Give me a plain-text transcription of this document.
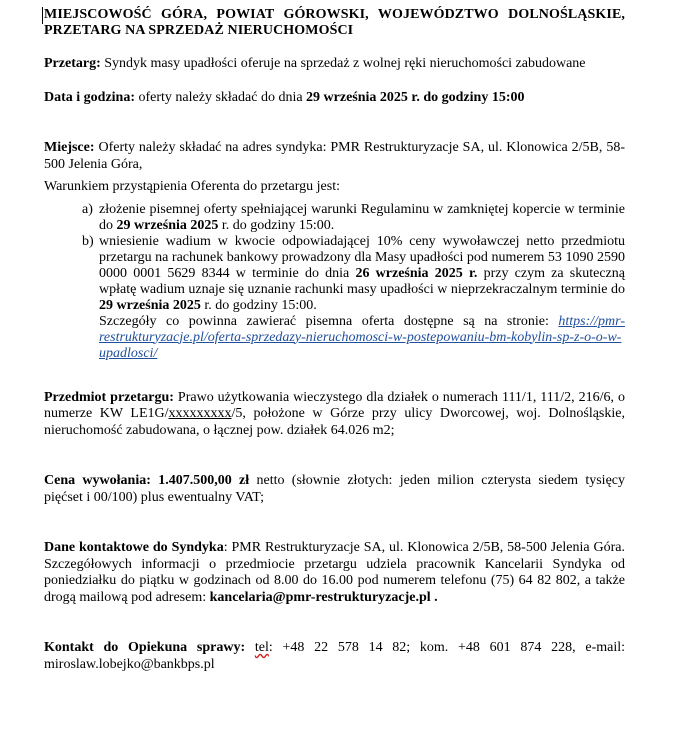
MIEJSCOWOŚĆ GÓRA, POWIAT GÓROWSKI, WOJEWÓDZTWO DOLNOŚLĄSKIE, PRZETARG NA SPRZEDAŻ NIERUCHOMOŚCI

Przetarg: Syndyk masy upadłości oferuje na sprzedaż z wolnej ręki nieruchomości zabudowane

Data i godzina: oferty należy składać do dnia 29 września 2025 r. do godziny 15:00

Miejsce: Oferty należy składać na adres syndyka: PMR Restrukturyzacje SA, ul. Klonowica 2/5B, 58-500 Jelenia Góra,

Warunkiem przystąpienia Oferenta do przetargu jest:

a) złożenie pisemnej oferty spełniającej warunki Regulaminu w zamkniętej kopercie w terminie do 29 września 2025 r. do godziny 15:00.
b) wniesienie wadium w kwocie odpowiadającej 10% ceny wywoławczej netto przedmiotu przetargu na rachunek bankowy prowadzony dla Masy upadłości pod numerem 53 1090 2590 0000 0001 5629 8344 w terminie do dnia 26 września 2025 r. przy czym za skuteczną wpłatę wadium uznaje się uznanie rachunki masy upadłości w nieprzekraczalnym terminie do 29 września 2025 r. do godziny 15:00.
Szczegóły co powinna zawierać pisemna oferta dostępne są na stronie: https://pmr-restrukturyzacje.pl/oferta-sprzedazy-nieruchomosci-w-postepowaniu-bm-kobylin-sp-z-o-o-w-upadlosci/

Przedmiot przetargu: Prawo użytkowania wieczystego dla działek o numerach 111/1, 111/2, 216/6, o numerze KW LE1G/xxxxxxxxx/5, położone w Górze przy ulicy Dworcowej, woj. Dolnośląskie, nieruchomość zabudowana, o łącznej pow. działek 64.026 m2;

Cena wywołania: 1.407.500,00 zł netto (słownie złotych: jeden milion czterysta siedem tysięcy pięćset i 00/100) plus ewentualny VAT;

Dane kontaktowe do Syndyka: PMR Restrukturyzacje SA, ul. Klonowica 2/5B, 58-500 Jelenia Góra. Szczegółowych informacji o przedmiocie przetargu udziela pracownik Kancelarii Syndyka od poniedziałku do piątku w godzinach od 8.00 do 16.00 pod numerem telefonu (75) 64 82 802, a także drogą mailową pod adresem: kancelaria@pmr-restrukturyzacje.pl .

Kontakt do Opiekuna sprawy: tel: +48 22 578 14 82; kom. +48 601 874 228, e-mail: miroslaw.lobejko@bankbps.pl
